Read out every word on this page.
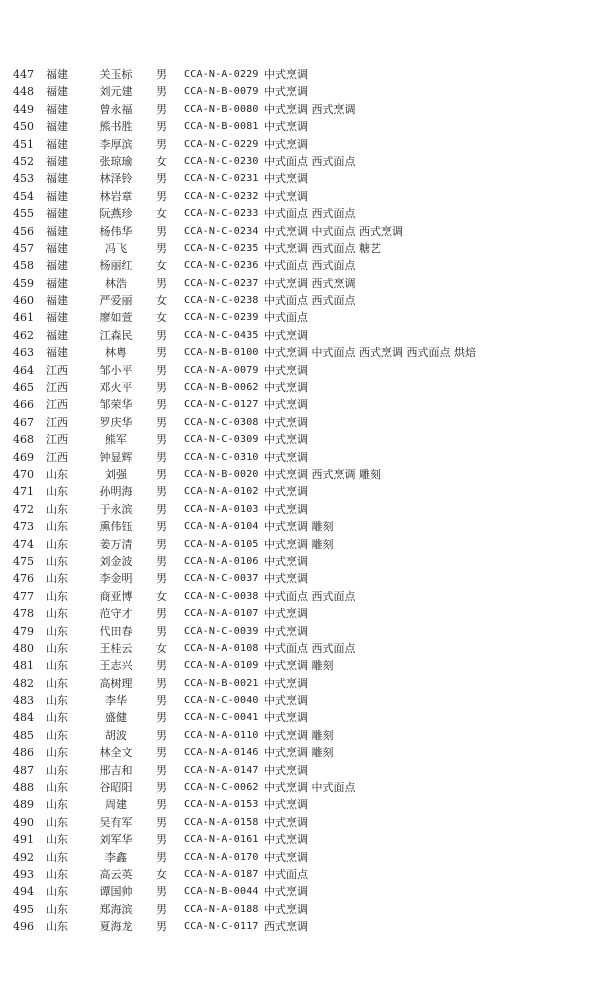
447 福建	关玉标	男 CCA-N-A-0229 中式烹调
448 福建	刘元建	男 CCA-N-B-0079 中式烹调
449 福建	曾永福	男 CCA-N-B-0080 中式烹调 西式烹调
450 福建	熊书胜	男 CCA-N-B-0081 中式烹调
451 福建	李厚滨	男 CCA-N-C-0229 中式烹调
452 福建	张琼瑜	女 CCA-N-C-0230 中式面点 西式面点
453 福建	林泽铃	男 CCA-N-C-0231 中式烹调
454 福建	林岩章	男 CCA-N-C-0232 中式烹调
455 福建	阮燕珍	女 CCA-N-C-0233 中式面点 西式面点
456 福建	杨伟华	男 CCA-N-C-0234 中式烹调 中式面点 西式烹调
457 福建	冯飞	男 CCA-N-C-0235 中式烹调 西式面点 糖艺
458 福建	杨丽红	女 CCA-N-C-0236 中式面点 西式面点
459 福建	林浩	男 CCA-N-C-0237 中式烹调 西式烹调
460 福建	严爱丽	女 CCA-N-C-0238 中式面点 西式面点
461 福建	廖如萱	女 CCA-N-C-0239 中式面点
462 福建	江森民	男 CCA-N-C-0435 中式烹调
463 福建	林粤	男 CCA-N-B-0100 中式烹调 中式面点 西式烹调 西式面点 烘焙
464 江西	邹小平	男 CCA-N-A-0079 中式烹调
465 江西	邓火平	男 CCA-N-B-0062 中式烹调
466 江西	邹荣华	男 CCA-N-C-0127 中式烹调
467 江西	罗庆华	男 CCA-N-C-0308 中式烹调
468 江西	熊军	男 CCA-N-C-0309 中式烹调
469 江西	钟显辉	男 CCA-N-C-0310 中式烹调
470 山东	刘强	男 CCA-N-B-0020 中式烹调 西式烹调 雕刻
471 山东	孙明海	男 CCA-N-A-0102 中式烹调
472 山东	于永滨	男 CCA-N-A-0103 中式烹调
473 山东	熏伟钰	男 CCA-N-A-0104 中式烹调 雕刻
474 山东	姜万清	男 CCA-N-A-0105 中式烹调 雕刻
475 山东	刘金波	男 CCA-N-A-0106 中式烹调
476 山东	李金明	男 CCA-N-C-0037 中式烹调
477 山东	商亚博	女 CCA-N-C-0038 中式面点 西式面点
478 山东	范守才	男 CCA-N-A-0107 中式烹调
479 山东	代田春	男 CCA-N-C-0039 中式烹调
480 山东	王桂云	女 CCA-N-A-0108 中式面点 西式面点
481 山东	王志兴	男 CCA-N-A-0109 中式烹调 雕刻
482 山东	高树理	男 CCA-N-B-0021 中式烹调
483 山东	李华	男 CCA-N-C-0040 中式烹调
484 山东	盛健	男 CCA-N-C-0041 中式烹调
485 山东	胡波	男 CCA-N-A-0110 中式烹调 雕刻
486 山东	林全文	男 CCA-N-A-0146 中式烹调 雕刻
487 山东	邢吉和	男 CCA-N-A-0147 中式烹调
488 山东	谷昭阳	男 CCA-N-C-0062 中式烹调 中式面点
489 山东	周建	男 CCA-N-A-0153 中式烹调
490 山东	吴有军	男 CCA-N-A-0158 中式烹调
491 山东	刘军华	男 CCA-N-A-0161 中式烹调
492 山东	李鑫	男 CCA-N-A-0170 中式烹调
493 山东	高云英	女 CCA-N-A-0187 中式面点
494 山东	谭国帅	男 CCA-N-B-0044 中式烹调
495 山东	郑海滨	男 CCA-N-A-0188 中式烹调
496 山东	夏海龙	男 CCA-N-C-0117 西式烹调
